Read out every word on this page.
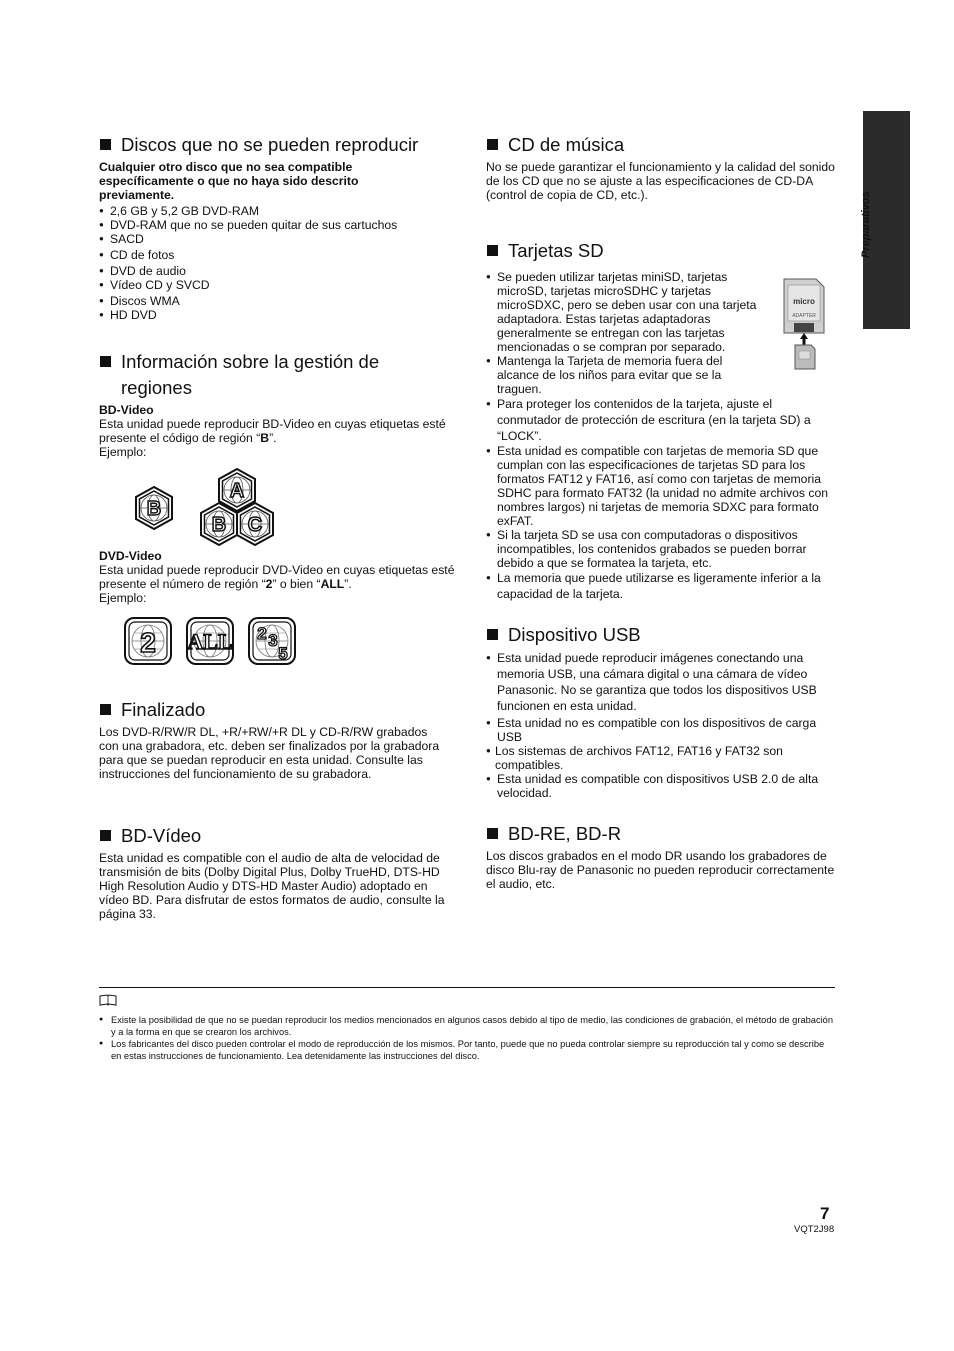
Preparativos
Discos que no se pueden reproducir

Cualquier otro disco que no sea compatible específicamente o que no haya sido descrito previamente.

● 2,6 GB y 5,2 GB DVD-RAM
● DVD-RAM que no se pueden quitar de sus cartuchos
● SACD
● CD de fotos
● DVD de audio
● Vídeo CD y SVCD
● Discos WMA
● HD DVD
Información sobre la gestión de regiones

BD-Video

Esta unidad puede reproducir BD-Video en cuyas etiquetas esté presente el código de región “B”.

Ejemplo:

B
A
B C

DVD-Video

Esta unidad puede reproducir DVD-Video en cuyas etiquetas esté presente el número de región “2” o bien “ALL”.

Ejemplo:

2 ALL 2 3
5
Finalizado

Los DVD-R/RW/R DL, +R/+RW/+R DL y CD-R/RW grabados con una grabadora, etc. deben ser finalizados por la grabadora para que se puedan reproducir en esta unidad. Consulte las instrucciones del funcionamiento de su grabadora.

BD-Vídeo

Esta unidad es compatible con el audio de alta de velocidad de transmisión de bits (Dolby Digital Plus, Dolby TrueHD, DTS-HD High Resolution Audio y DTS-HD Master Audio) adoptado en vídeo BD. Para disfrutar de estos formatos de audio, consulte la página 33.

CD de música

No se puede garantizar el funcionamiento y la calidad del sonido de los CD que no se ajuste a las especificaciones de CD-DA (control de copia de CD, etc.).

Tarjetas SD
● Se pueden utilizar tarjetas miniSD, tarjetas microSD, tarjetas microSDHC y tarjetas microSDXC, pero se deben usar con una tarjeta adaptadora. Estas tarjetas adaptadoras generalmente se entregan con las tarjetas mencionadas o se compran por separado.
● Mantenga la Tarjeta de memoria fuera del alcance de los niños para evitar que se la traguen.
● Para proteger los contenidos de la tarjeta, ajuste el conmutador de protección de escritura (en la tarjeta SD) a “LOCK”.
● Esta unidad es compatible con tarjetas de memoria SD que cumplan con las especificaciones de tarjetas SD para los formatos FAT12 y FAT16, así como con tarjetas de memoria SDHC para formato FAT32 (la unidad no admite archivos con nombres largos) ni tarjetas de memoria SDXC para formato exFAT.
● Si la tarjeta SD se usa con computadoras o dispositivos incompatibles, los contenidos grabados se pueden borrar debido a que se formatea la tarjeta, etc.
● La memoria que puede utilizarse es ligeramente inferior a la capacidad de la tarjeta.
micro
ADAPTER
Dispositivo USB
● Esta unidad puede reproducir imágenes conectando una memoria USB, una cámara digital o una cámara de vídeo Panasonic. No se garantiza que todos los dispositivos USB funcionen en esta unidad.
● Esta unidad no es compatible con los dispositivos de carga USB
● Los sistemas de archivos FAT12, FAT16 y FAT32 son compatibles.
● Esta unidad es compatible con dispositivos USB 2.0 de alta velocidad.
BD-RE, BD-R

Los discos grabados en el modo DR usando los grabadores de disco Blu-ray de Panasonic no pueden reproducir correctamente el audio, etc.

● Existe la posibilidad de que no se puedan reproducir los medios mencionados en algunos casos debido al tipo de medio, las condiciones de grabación, el método de grabación y a la forma en que se crearon los archivos.
● Los fabricantes del disco pueden controlar el modo de reproducción de los mismos. Por tanto, puede que no pueda controlar siempre su reproducción tal y como se describe en estas instrucciones de funcionamiento. Lea detenidamente las instrucciones del disco.
7
VQT2J98
